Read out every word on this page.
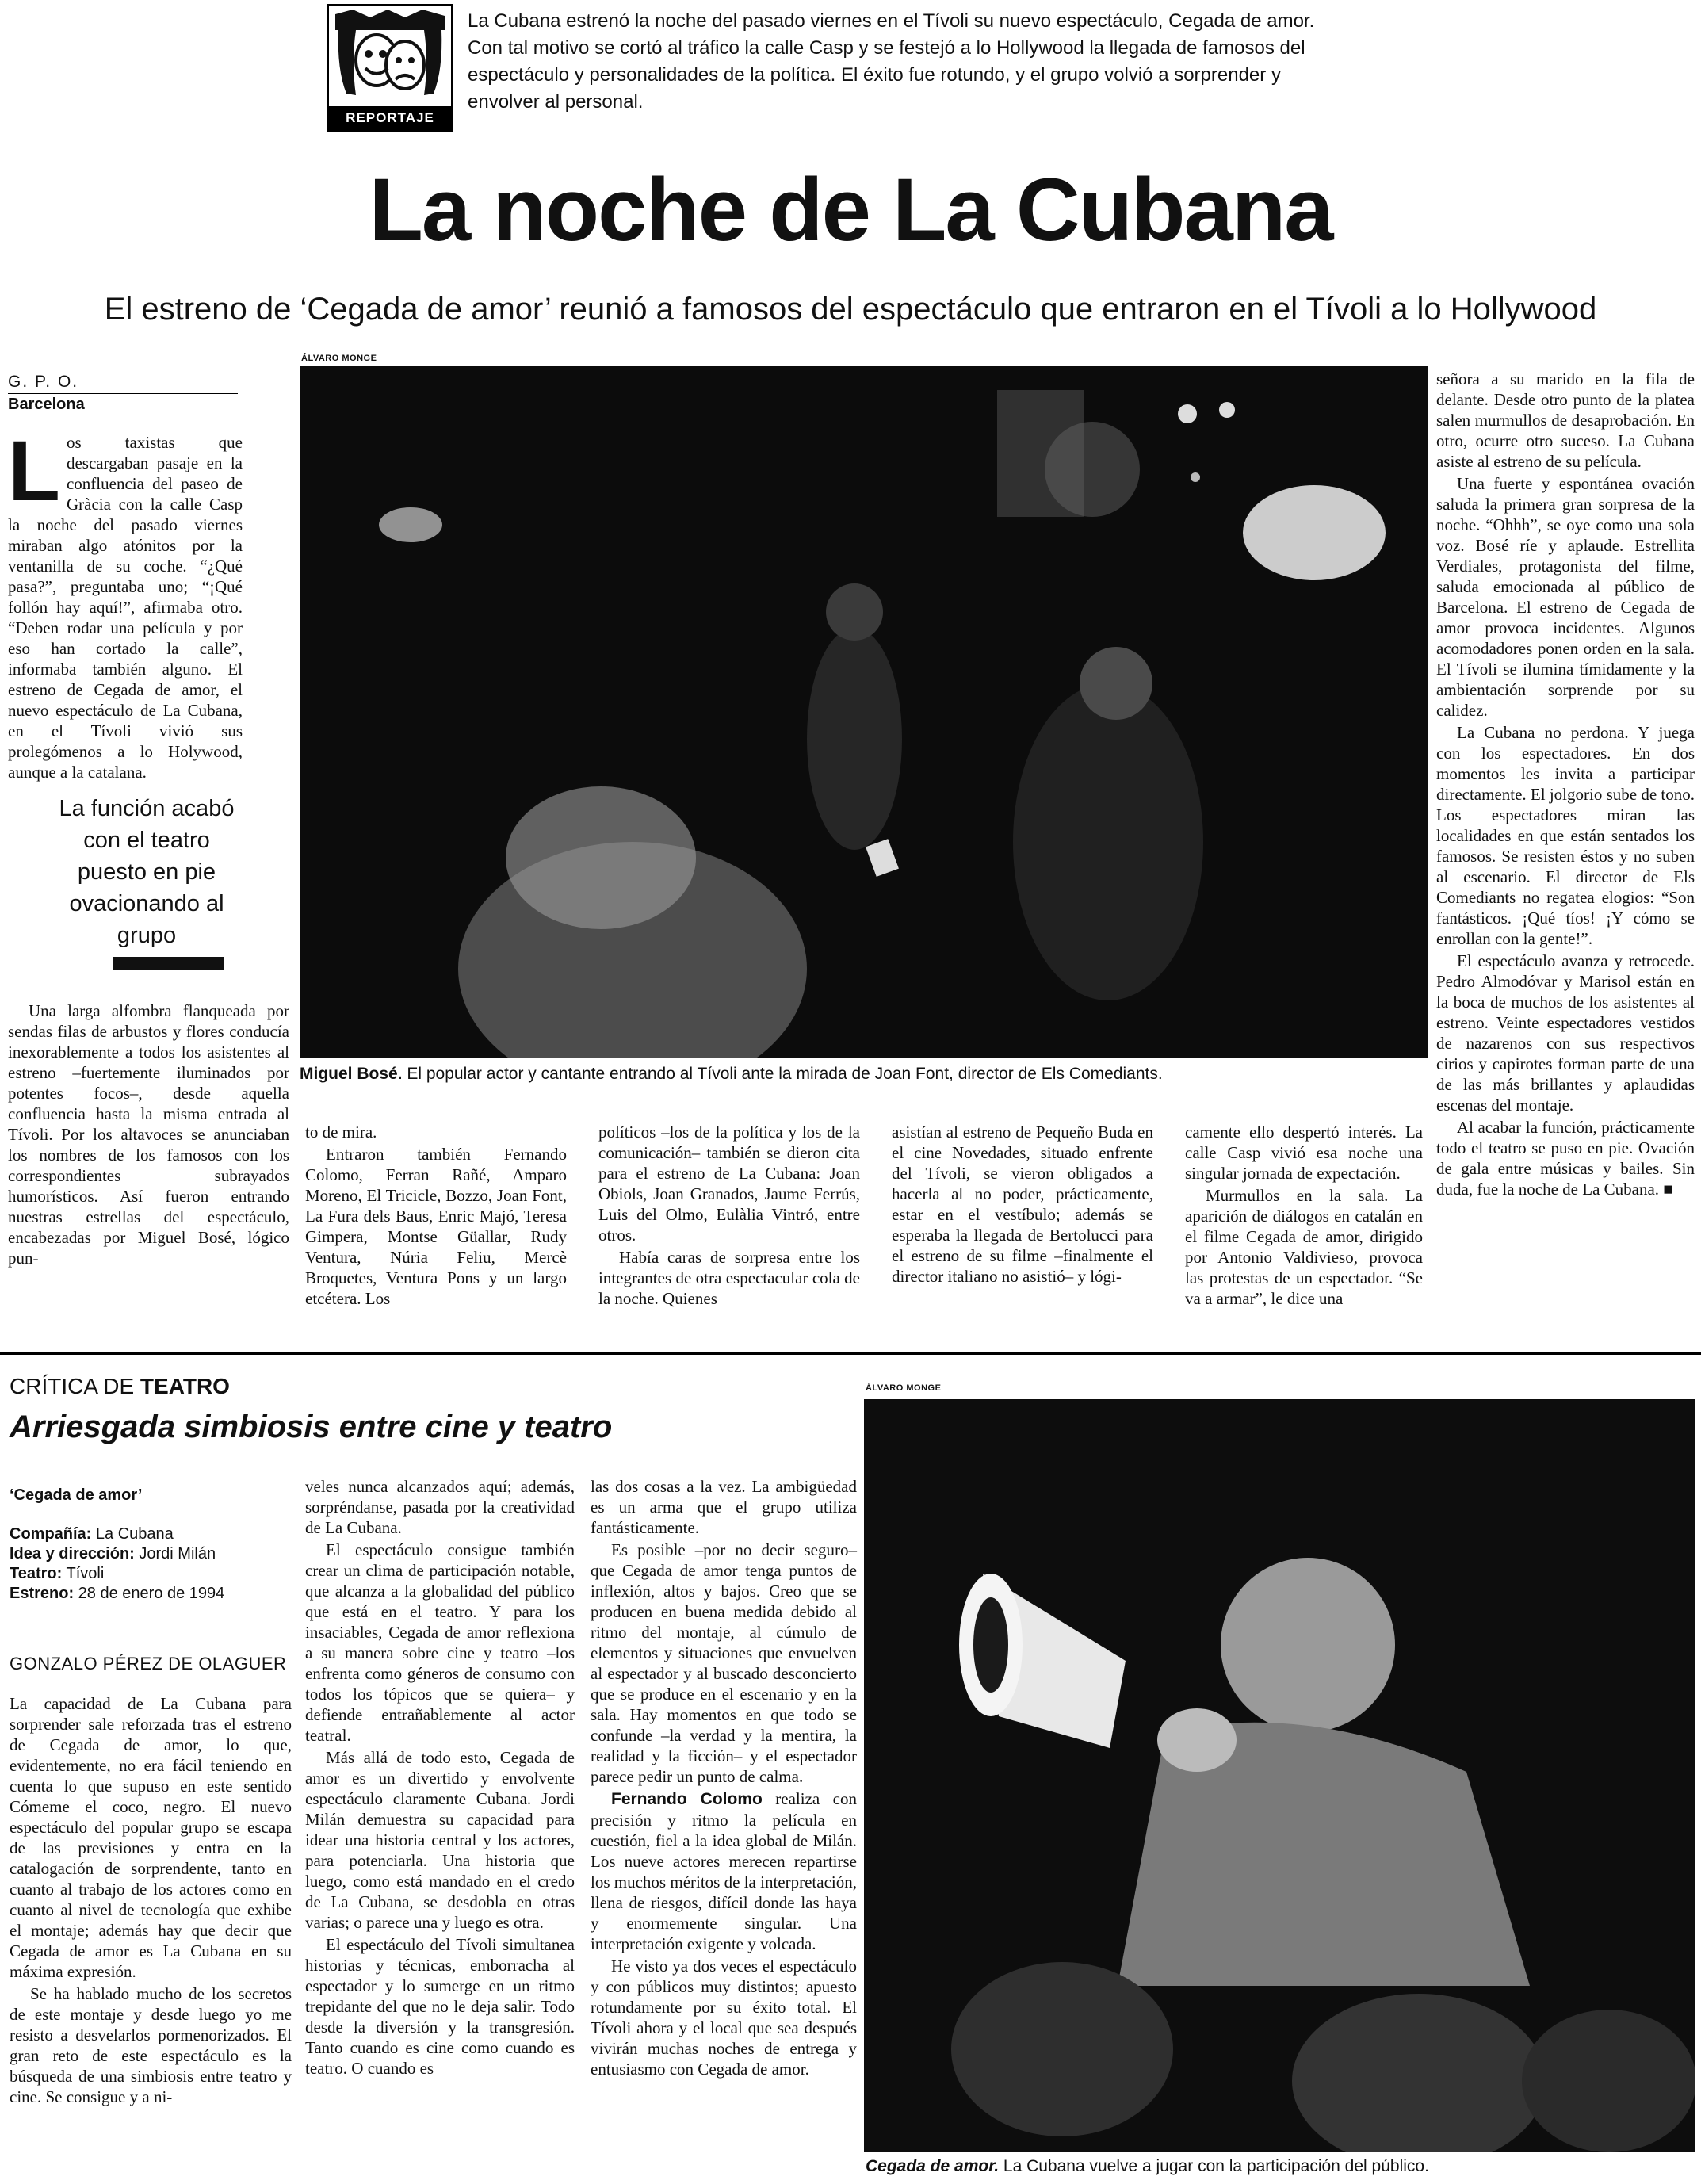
REPORTAJE
La Cubana estrenó la noche del pasado viernes en el Tívoli su nuevo espectáculo, Cegada de amor. Con tal motivo se cortó al tráfico la calle Casp y se festejó a lo Hollywood la llegada de famosos del espectáculo y personalidades de la política. El éxito fue rotundo, y el grupo volvió a sorprender y envolver al personal.
La noche de La Cubana
El estreno de ‘Cegada de amor’ reunió a famosos del espectáculo que entraron en el Tívoli a lo Hollywood
G. P. O.
Barcelona
ÁLVARO MONGE
Miguel Bosé. El popular actor y cantante entrando al Tívoli ante la mirada de Joan Font, director de Els Comediants.

Los taxistas que descargaban pasaje en la confluencia del paseo de Gràcia con la calle Casp la noche del pasado viernes miraban algo atónitos por la ventanilla de su coche. “¿Qué pasa?”, preguntaba uno; “¡Qué follón hay aquí!”, afirmaba otro. “Deben rodar una película y por eso han cortado la calle”, informaba también alguno. El estreno de Cegada de amor, el nuevo espectáculo de La Cubana, en el Tívoli vivió sus prolegómenos a lo Holywood, aunque a la catalana.

La función acabó con el teatro puesto en pie ovacionando al grupo

Una larga alfombra flanqueada por sendas filas de arbustos y flores conducía inexorablemente a todos los asistentes al estreno –fuertemente iluminados por potentes focos–, desde aquella confluencia hasta la misma entrada al Tívoli. Por los altavoces se anunciaban los nombres de los famosos con los correspondientes subrayados humorísticos. Así fueron entrando nuestras estrellas del espectáculo, encabezadas por Miguel Bosé, lógico pun-

to de mira.

Entraron también Fernando Colomo, Ferran Rañé, Amparo Moreno, El Tricicle, Bozzo, Joan Font, La Fura dels Baus, Enric Majó, Teresa Gimpera, Montse Güallar, Rudy Ventura, Núria Feliu, Mercè Broquetes, Ventura Pons y un largo etcétera. Los

políticos –los de la política y los de la comunicación– también se dieron cita para el estreno de La Cubana: Joan Obiols, Joan Granados, Jaume Ferrús, Luis del Olmo, Eulàlia Vintró, entre otros.

Había caras de sorpresa entre los integrantes de otra espectacular cola de la noche. Quienes

asistían al estreno de Pequeño Buda en el cine Novedades, situado enfrente del Tívoli, se vieron obligados a hacerla al no poder, prácticamente, estar en el vestíbulo; además se esperaba la llegada de Bertolucci para el estreno de su filme –finalmente el director italiano no asistió– y lógi-

camente ello despertó interés. La calle Casp vivió esa noche una singular jornada de expectación.

Murmullos en la sala. La aparición de diálogos en catalán en el filme Cegada de amor, dirigido por Antonio Valdivieso, provoca las protestas de un espectador. “Se va a armar”, le dice una

señora a su marido en la fila de delante. Desde otro punto de la platea salen murmullos de desaprobación. En otro, ocurre otro suceso. La Cubana asiste al estreno de su película.

Una fuerte y espontánea ovación saluda la primera gran sorpresa de la noche. “Ohhh”, se oye como una sola voz. Bosé ríe y aplaude. Estrellita Verdiales, protagonista del filme, saluda emocionada al público de Barcelona. El estreno de Cegada de amor provoca incidentes. Algunos acomodadores ponen orden en la sala. El Tívoli se ilumina tímidamente y la ambientación sorprende por su calidez.

La Cubana no perdona. Y juega con los espectadores. En dos momentos les invita a participar directamente. El jolgorio sube de tono. Los espectadores miran las localidades en que están sentados los famosos. Se resisten éstos y no suben al escenario. El director de Els Comediants no regatea elogios: “Son fantásticos. ¡Qué tíos! ¡Y cómo se enrollan con la gente!”.

El espectáculo avanza y retrocede. Pedro Almodóvar y Marisol están en la boca de muchos de los asistentes al estreno. Veinte espectadores vestidos de nazarenos con sus respectivos cirios y capirotes forman parte de una de las más brillantes y aplaudidas escenas del montaje.

Al acabar la función, prácticamente todo el teatro se puso en pie. Ovación de gala entre músicas y bailes. Sin duda, fue la noche de La Cubana. ■

CRÍTICA DE TEATRO
Arriesgada simbiosis entre cine y teatro
‘Cegada de amor’
Compañía: La Cubana
Idea y dirección: Jordi Milán
Teatro: Tívoli
Estreno: 28 de enero de 1994
GONZALO PÉREZ DE OLAGUER

La capacidad de La Cubana para sorprender sale reforzada tras el estreno de Cegada de amor, lo que, evidentemente, no era fácil teniendo en cuenta lo que supuso en este sentido Cómeme el coco, negro. El nuevo espectáculo del popular grupo se escapa de las previsiones y entra en la catalogación de sorprendente, tanto en cuanto al trabajo de los actores como en cuanto al nivel de tecnología que exhibe el montaje; además hay que decir que Cegada de amor es La Cubana en su máxima expresión.

Se ha hablado mucho de los secretos de este montaje y desde luego yo me resisto a desvelarlos pormenorizados. El gran reto de este espectáculo es la búsqueda de una simbiosis entre teatro y cine. Se consigue y a ni-

veles nunca alcanzados aquí; además, sorpréndanse, pasada por la creatividad de La Cubana.

El espectáculo consigue también crear un clima de participación notable, que alcanza a la globalidad del público que está en el teatro. Y para los insaciables, Cegada de amor reflexiona a su manera sobre cine y teatro –los enfrenta como géneros de consumo con todos los tópicos que se quiera– y defiende entrañablemente al actor teatral.

Más allá de todo esto, Cegada de amor es un divertido y envolvente espectáculo claramente Cubana. Jordi Milán demuestra su capacidad para idear una historia central y los actores, para potenciarla. Una historia que luego, como está mandado en el credo de La Cubana, se desdobla en otras varias; o parece una y luego es otra.

El espectáculo del Tívoli simultanea historias y técnicas, emborracha al espectador y lo sumerge en un ritmo trepidante del que no le deja salir. Todo desde la diversión y la transgresión. Tanto cuando es cine como cuando es teatro. O cuando es

las dos cosas a la vez. La ambigüedad es un arma que el grupo utiliza fantásticamente.

Es posible –por no decir seguro– que Cegada de amor tenga puntos de inflexión, altos y bajos. Creo que se producen en buena medida debido al ritmo del montaje, al cúmulo de elementos y situaciones que envuelven al espectador y al buscado desconcierto que se produce en el escenario y en la sala. Hay momentos en que todo se confunde –la verdad y la mentira, la realidad y la ficción– y el espectador parece pedir un punto de calma.

Fernando Colomo realiza con precisión y ritmo la película en cuestión, fiel a la idea global de Milán. Los nueve actores merecen repartirse los muchos méritos de la interpretación, llena de riesgos, difícil donde las haya y enormemente singular. Una interpretación exigente y volcada.

He visto ya dos veces el espectáculo y con públicos muy distintos; apuesto rotundamente por su éxito total. El Tívoli ahora y el local que sea después vivirán muchas noches de entrega y entusiasmo con Cegada de amor.

ÁLVARO MONGE
Cegada de amor. La Cubana vuelve a jugar con la participación del público.
